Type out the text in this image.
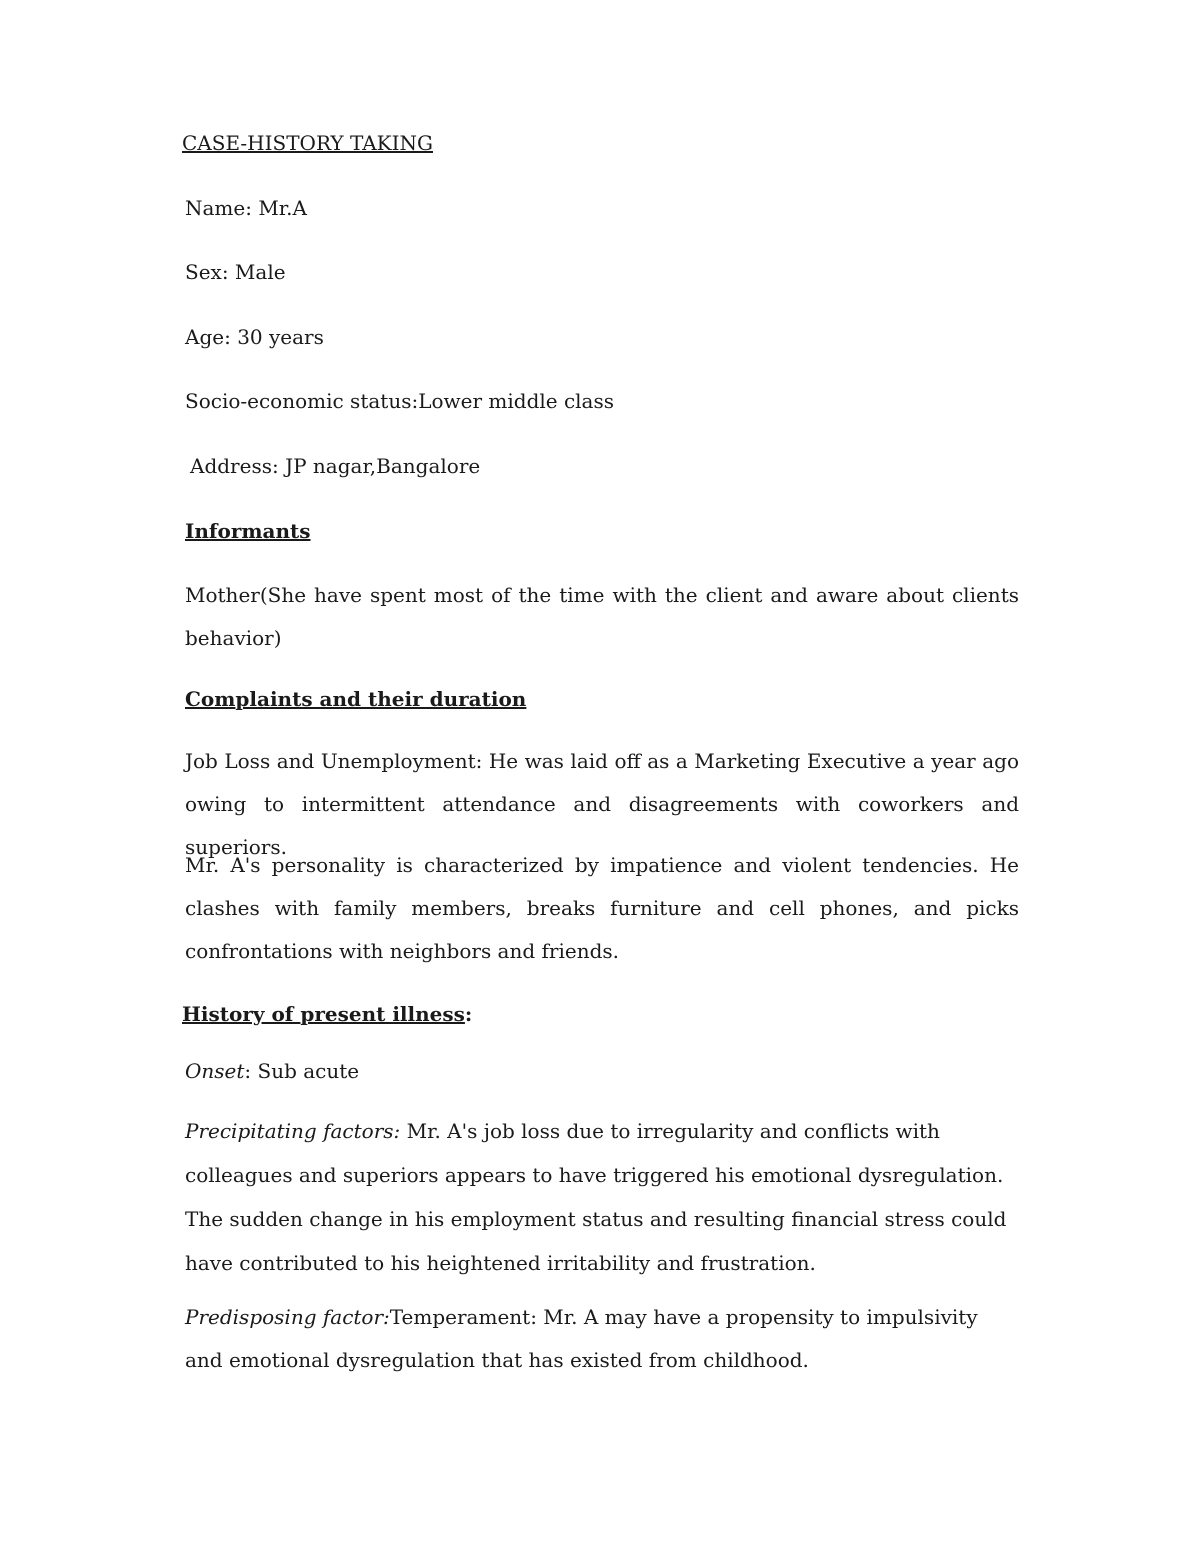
CASE-HISTORY TAKING
Name: Mr.A
Sex: Male
Age: 30 years
Socio-economic status:Lower middle class
Address: JP nagar,Bangalore
Informants
Mother(She have spent most of the time with the client and aware about clients behavior)
Complaints and their duration
Job Loss and Unemployment: He was laid off as a Marketing Executive a year ago owing to intermittent attendance and disagreements with coworkers and superiors.
Mr. A's personality is characterized by impatience and violent tendencies. He clashes with family members, breaks furniture and cell phones, and picks confrontations with neighbors and friends.
History of present illness:
Onset: Sub acute
Precipitating factors: Mr. A's job loss due to irregularity and conflicts with colleagues and superiors appears to have triggered his emotional dysregulation. The sudden change in his employment status and resulting financial stress could have contributed to his heightened irritability and frustration.
Predisposing factor:Temperament: Mr. A may have a propensity to impulsivity and emotional dysregulation that has existed from childhood.
